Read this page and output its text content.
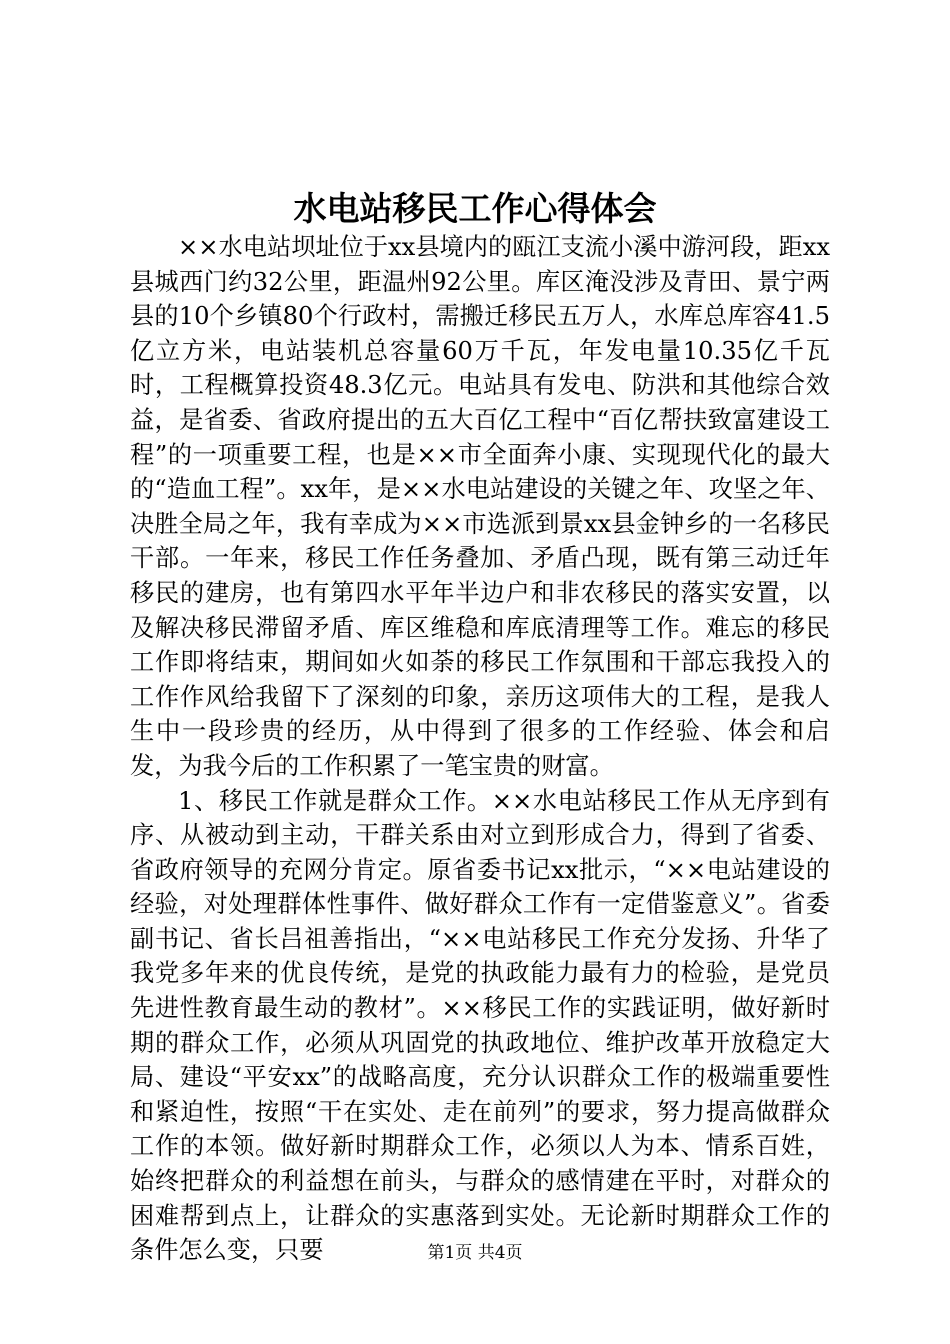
水电站移民工作心得体会

××水电站坝址位于xx县境内的瓯江支流小溪中游河段，距xx县城西门约32公里，距温州92公里。库区淹没涉及青田、景宁两县的10个乡镇80个行政村，需搬迁移民五万人，水库总库容41.5亿立方米，电站装机总容量60万千瓦，年发电量10.35亿千瓦时，工程概算投资48.3亿元。电站具有发电、防洪和其他综合效益，是省委、省政府提出的五大百亿工程中“百亿帮扶致富建设工程”的一项重要工程，也是××市全面奔小康、实现现代化的最大的“造血工程”。xx年，是××水电站建设的关键之年、攻坚之年、决胜全局之年，我有幸成为××市选派到景xx县金钟乡的一名移民干部。一年来，移民工作任务叠加、矛盾凸现，既有第三动迁年移民的建房，也有第四水平年半边户和非农移民的落实安置，以及解决移民滞留矛盾、库区维稳和库底清理等工作。难忘的移民工作即将结束，期间如火如荼的移民工作氛围和干部忘我投入的工作作风给我留下了深刻的印象，亲历这项伟大的工程，是我人生中一段珍贵的经历，从中得到了很多的工作经验、体会和启发，为我今后的工作积累了一笔宝贵的财富。

1、移民工作就是群众工作。××水电站移民工作从无序到有序、从被动到主动，干群关系由对立到形成合力，得到了省委、省政府领导的充网分肯定。原省委书记xx批示，“××电站建设的经验，对处理群体性事件、做好群众工作有一定借鉴意义”。省委副书记、省长吕祖善指出，“××电站移民工作充分发扬、升华了我党多年来的优良传统，是党的执政能力最有力的检验，是党员先进性教育最生动的教材”。××移民工作的实践证明，做好新时期的群众工作，必须从巩固党的执政地位、维护改革开放稳定大局、建设“平安xx”的战略高度，充分认识群众工作的极端重要性和紧迫性，按照“干在实处、走在前列”的要求，努力提高做群众工作的本领。做好新时期群众工作，必须以人为本、情系百姓，始终把群众的利益想在前头，与群众的感情建在平时，对群众的困难帮到点上，让群众的实惠落到实处。无论新时期群众工作的条件怎么变，只要	第1页 共4页
